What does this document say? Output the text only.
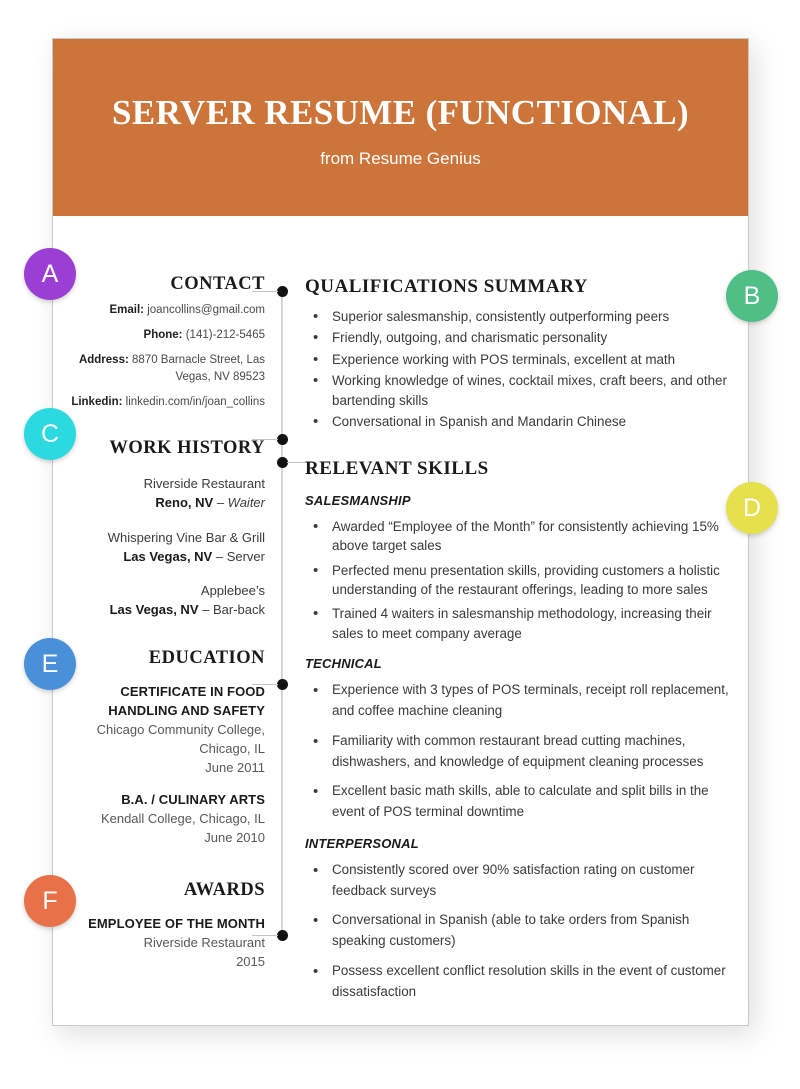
SERVER RESUME (FUNCTIONAL)
from Resume Genius
CONTACT
Email: joancollins@gmail.com
Phone: (141)-212-5465
Address: 8870 Barnacle Street, Las Vegas, NV 89523
Linkedin: linkedin.com/in/joan_collins
WORK HISTORY
Riverside Restaurant
Reno, NV – Waiter
Whispering Vine Bar & Grill
Las Vegas, NV – Server
Applebee’s
Las Vegas, NV – Bar-back
EDUCATION
CERTIFICATE IN FOOD HANDLING AND SAFETY
Chicago Community College, Chicago, IL
June 2011
B.A. / CULINARY ARTS
Kendall College, Chicago, IL
June 2010
AWARDS
EMPLOYEE OF THE MONTH
Riverside Restaurant
2015
QUALIFICATIONS SUMMARY
• Superior salesmanship, consistently outperforming peers
• Friendly, outgoing, and charismatic personality
• Experience working with POS terminals, excellent at math
• Working knowledge of wines, cocktail mixes, craft beers, and other bartending skills
• Conversational in Spanish and Mandarin Chinese
RELEVANT SKILLS
SALESMANSHIP
• Awarded “Employee of the Month” for consistently achieving 15% above target sales
• Perfected menu presentation skills, providing customers a holistic understanding of the restaurant offerings, leading to more sales
• Trained 4 waiters in salesmanship methodology, increasing their sales to meet company average
TECHNICAL
• Experience with 3 types of POS terminals, receipt roll replacement, and coffee machine cleaning
• Familiarity with common restaurant bread cutting machines, dishwashers, and knowledge of equipment cleaning processes
• Excellent basic math skills, able to calculate and split bills in the event of POS terminal downtime
INTERPERSONAL
• Consistently scored over 90% satisfaction rating on customer feedback surveys
• Conversational in Spanish (able to take orders from Spanish speaking customers)
• Possess excellent conflict resolution skills in the event of customer dissatisfaction
A
B
C
D
E
F
